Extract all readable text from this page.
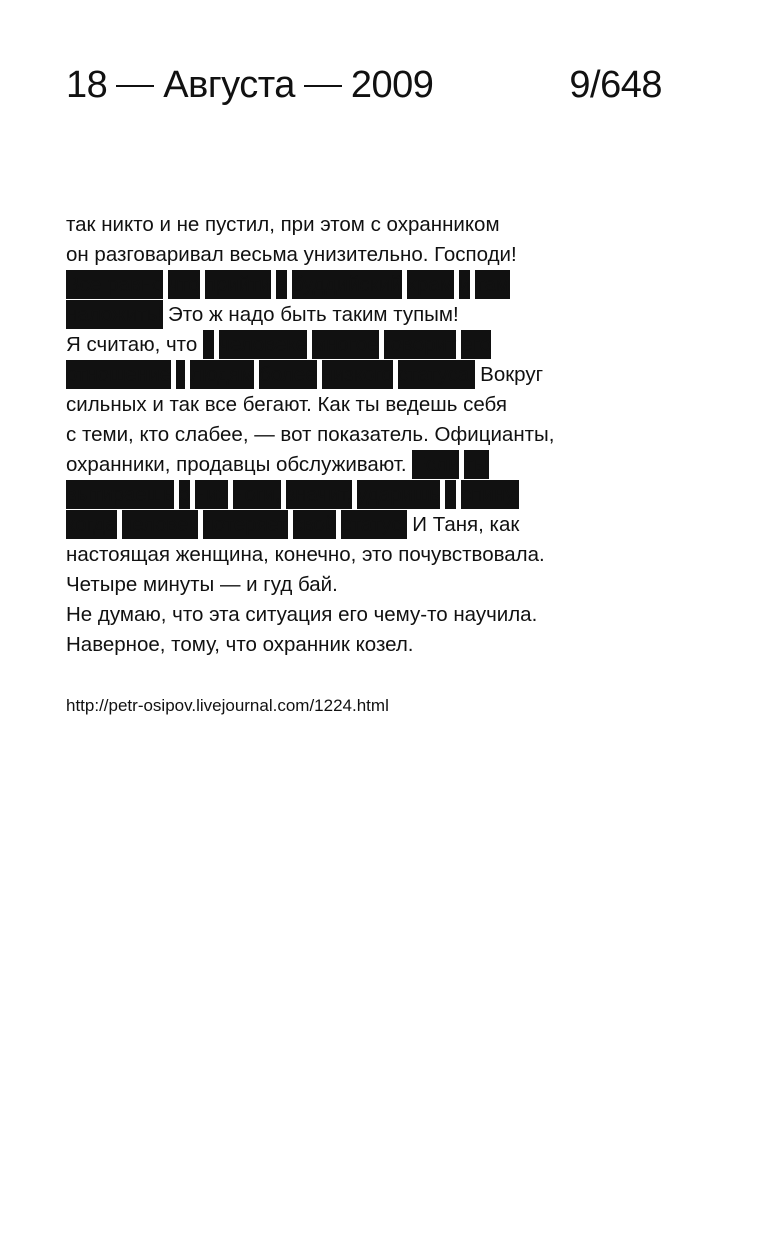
18 Августа 2009	9/648
так никто и не пустил, при этом с охранником
он разговаривал весьма унизительно. Господи!
Все равно что прийти в буддийский храм и там
наложить! Это ж надо быть таким тупым!
Я считаю, что о человеке многое говорит его
отношение к людям более низкого статуса. Вокруг
сильных и так все бегают. Как ты ведешь себя
с теми, кто слабее, — вот показатель. Официанты,
охранники, продавцы обслуживают. Если ты
вытираешь о них ноги, значит, ударишь в спину,
когда человек потеряет свой статус. И Таня, как
настоящая женщина, конечно, это почувствовала.
Четыре минуты — и гуд бай.
Не думаю, что эта ситуация его чему-то научила.
Наверное, тому, что охранник козел.
http://petr-osipov.livejournal.com/1224.html
